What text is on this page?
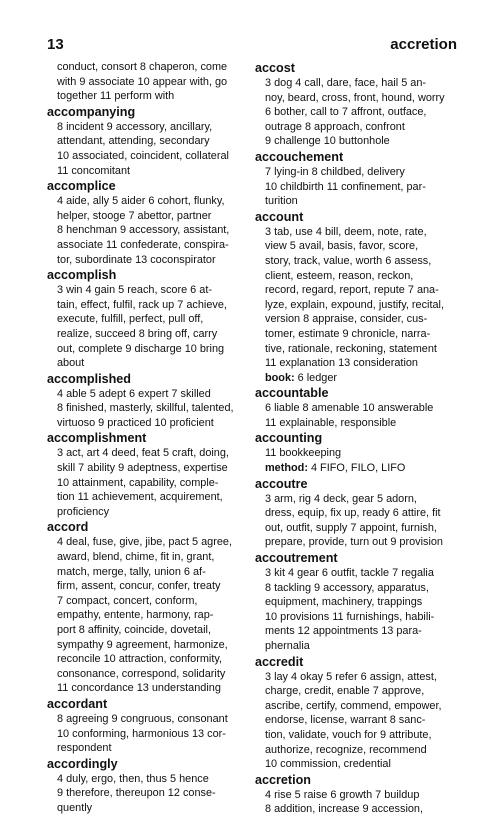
13	accretion
conduct, consort 8 chaperon, come
with 9 associate 10 appear with, go
together 11 perform with
accompanying
8 incident 9 accessory, ancillary,
attendant, attending, secondary
10 associated, coincident, collateral
11 concomitant
accomplice
4 aide, ally 5 aider 6 cohort, flunky,
helper, stooge 7 abettor, partner
8 henchman 9 accessory, assistant,
associate 11 confederate, conspira-
tor, subordinate 13 coconspirator
accomplish
3 win 4 gain 5 reach, score 6 at-
tain, effect, fulfil, rack up 7 achieve,
execute, fulfill, perfect, pull off,
realize, succeed 8 bring off, carry
out, complete 9 discharge 10 bring
about
accomplished
4 able 5 adept 6 expert 7 skilled
8 finished, masterly, skillful, talented,
virtuoso 9 practiced 10 proficient
accomplishment
3 act, art 4 deed, feat 5 craft, doing,
skill 7 ability 9 adeptness, expertise
10 attainment, capability, comple-
tion 11 achievement, acquirement,
proficiency
accord
4 deal, fuse, give, jibe, pact 5 agree,
award, blend, chime, fit in, grant,
match, merge, tally, union 6 af-
firm, assent, concur, confer, treaty
7 compact, concert, conform,
empathy, entente, harmony, rap-
port 8 affinity, coincide, dovetail,
sympathy 9 agreement, harmonize,
reconcile 10 attraction, conformity,
consonance, correspond, solidarity
11 concordance 13 understanding
accordant
8 agreeing 9 congruous, consonant
10 conforming, harmonious 13 cor-
respondent
accordingly
4 duly, ergo, then, thus 5 hence
9 therefore, thereupon 12 conse-
quently
accost
3 dog 4 call, dare, face, hail 5 an-
noy, beard, cross, front, hound, worry
6 bother, call to 7 affront, outface,
outrage 8 approach, confront
9 challenge 10 buttonhole
accouchement
7 lying-in 8 childbed, delivery
10 childbirth 11 confinement, par-
turition
account
3 tab, use 4 bill, deem, note, rate,
view 5 avail, basis, favor, score,
story, track, value, worth 6 assess,
client, esteem, reason, reckon,
record, regard, report, repute 7 ana-
lyze, explain, expound, justify, recital,
version 8 appraise, consider, cus-
tomer, estimate 9 chronicle, narra-
tive, rationale, reckoning, statement
11 explanation 13 consideration
book: 6 ledger
accountable
6 liable 8 amenable 10 answerable
11 explainable, responsible
accounting
11 bookkeeping
method: 4 FIFO, FILO, LIFO
accoutre
3 arm, rig 4 deck, gear 5 adorn,
dress, equip, fix up, ready 6 attire, fit
out, outfit, supply 7 appoint, furnish,
prepare, provide, turn out 9 provision
accoutrement
3 kit 4 gear 6 outfit, tackle 7 regalia
8 tackling 9 accessory, apparatus,
equipment, machinery, trappings
10 provisions 11 furnishings, habili-
ments 12 appointments 13 para-
phernalia
accredit
3 lay 4 okay 5 refer 6 assign, attest,
charge, credit, enable 7 approve,
ascribe, certify, commend, empower,
endorse, license, warrant 8 sanc-
tion, validate, vouch for 9 attribute,
authorize, recognize, recommend
10 commission, credential
accretion
4 rise 5 raise 6 growth 7 buildup
8 addition, increase 9 accession,
